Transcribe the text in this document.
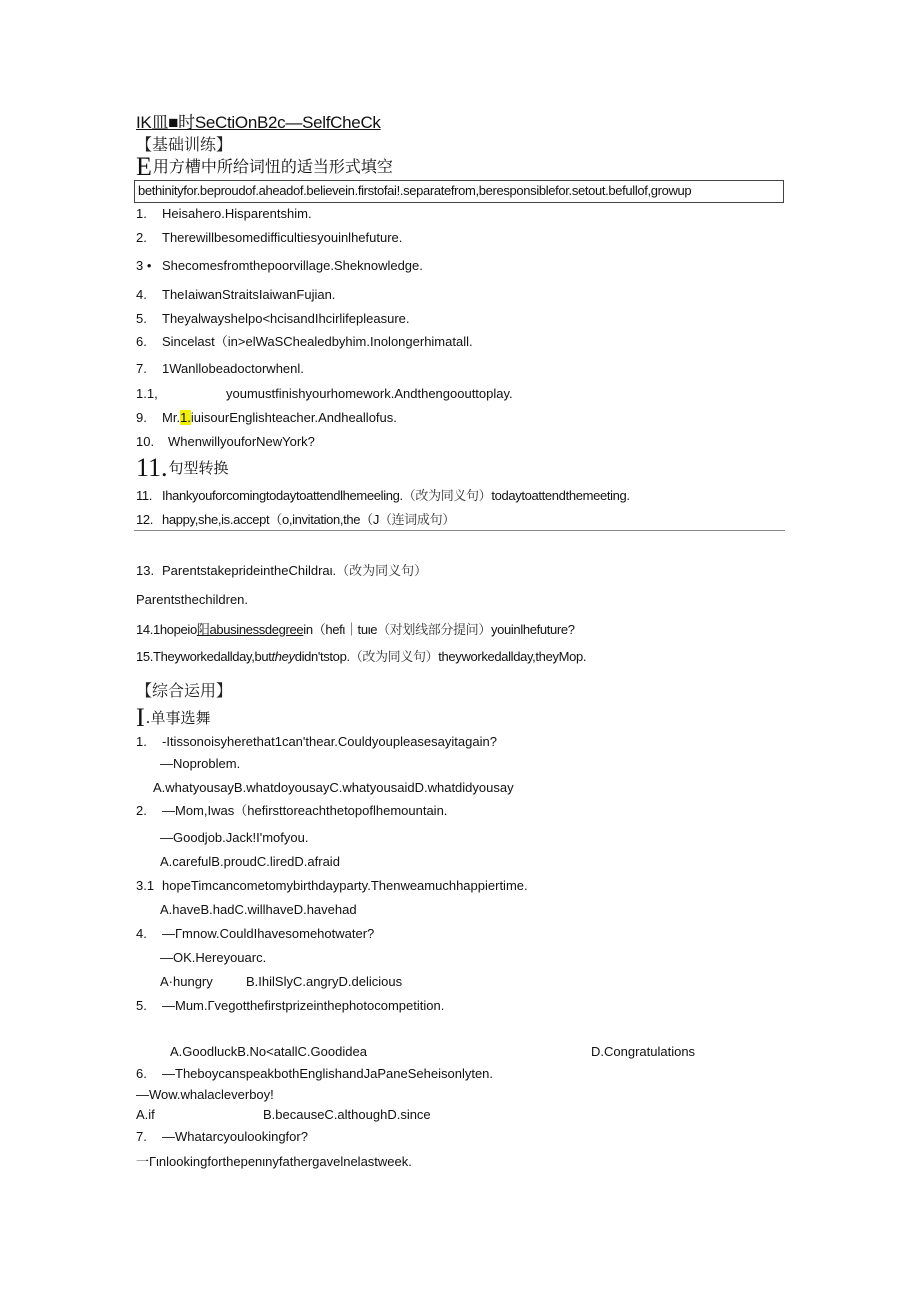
IK皿■时SeCtiOnB2c—SelfCheCk
【基础训练】
E用方槽中所给词忸的适当形式填空
bethinityfor.beproudof.aheadof.believein.firstofai!.separatefrom,beresponsiblefor.setout.befullof,growup
1. Heisahero.Hisparentshim.
2. Therewillbesomedifficultiesyouinlhefuture.
3 • Shecomesfromthepoorvillage.Sheknowledge.
4. TheIaiwanStraitsIaiwanFujian.
5. Theyalwayshelpo<hcisandIhcirlifepleasure.
6. Sincelast（in>elWaSChealedbyhim.Inolongerhimatall.
7. 1Wanllobeadoctorwhenl.
1.1,	youmustfinishyourhomework.Andthengoouttoplay.
9. Mr.1.iuisourEnglishteacher.Andheallofus.
10. WhenwillyouforNewYork?
11.句型转换
11. Ihankyouforcomingtodaytoattendlhemeeling.（改为同义句）todaytoattendthemeeting.
12. happy,she,is.accept（o,invitation,the（J（连词成句）
13. ParentstakeprideintheChildraι.（改为同义句）
Parentsthechildren.
14.1hopeio阳abusinessdegreein（hefι｜tuιe（对划线部分提问）youinlhefuture?
15.Theyworkedallday,buttheydidn'tstop.（改为同义句）theyworkedallday,theyMop.
【综合运用】
I.单事选舞
1. -Itissonoisyherethat1can'thear.Couldyoupleasesayitagain?
—Noproblem.
A.whatyousayB.whatdoyousayC.whatyousaidD.whatdidyousay
2. —Mom,Iwas（hefirsttoreachthetopoflhemountain.
—Goodjob.Jack!I'mofyou.
A.carefulB.proudC.liredD.afraid
3.1 hopeTimcancometomybirthdayparty.Thenweamuchhappiertime.
A.haveB.hadC.willhaveD.havehad
4. —Гmnow.CouldIhavesomehotwater?
—OK.Hereyouarc.
A·hungry	B.IhilSlyC.angryD.delicious
5. —Mum.Гvegotthefirstprizeinthephotocompetition.
A.GoodluckB.No<atallC.Goodidea	D.Congratulations
6. —TheboycanspeakbothEnglishandJaPaneSeheisonlyten.
—Wow.whalacleverboy!
A.if	B.becauseC.althoughD.since
7. —Whatarcyoulookingfor?
一Гιnlookingforthepenιnyfathergavelnelastweek.
